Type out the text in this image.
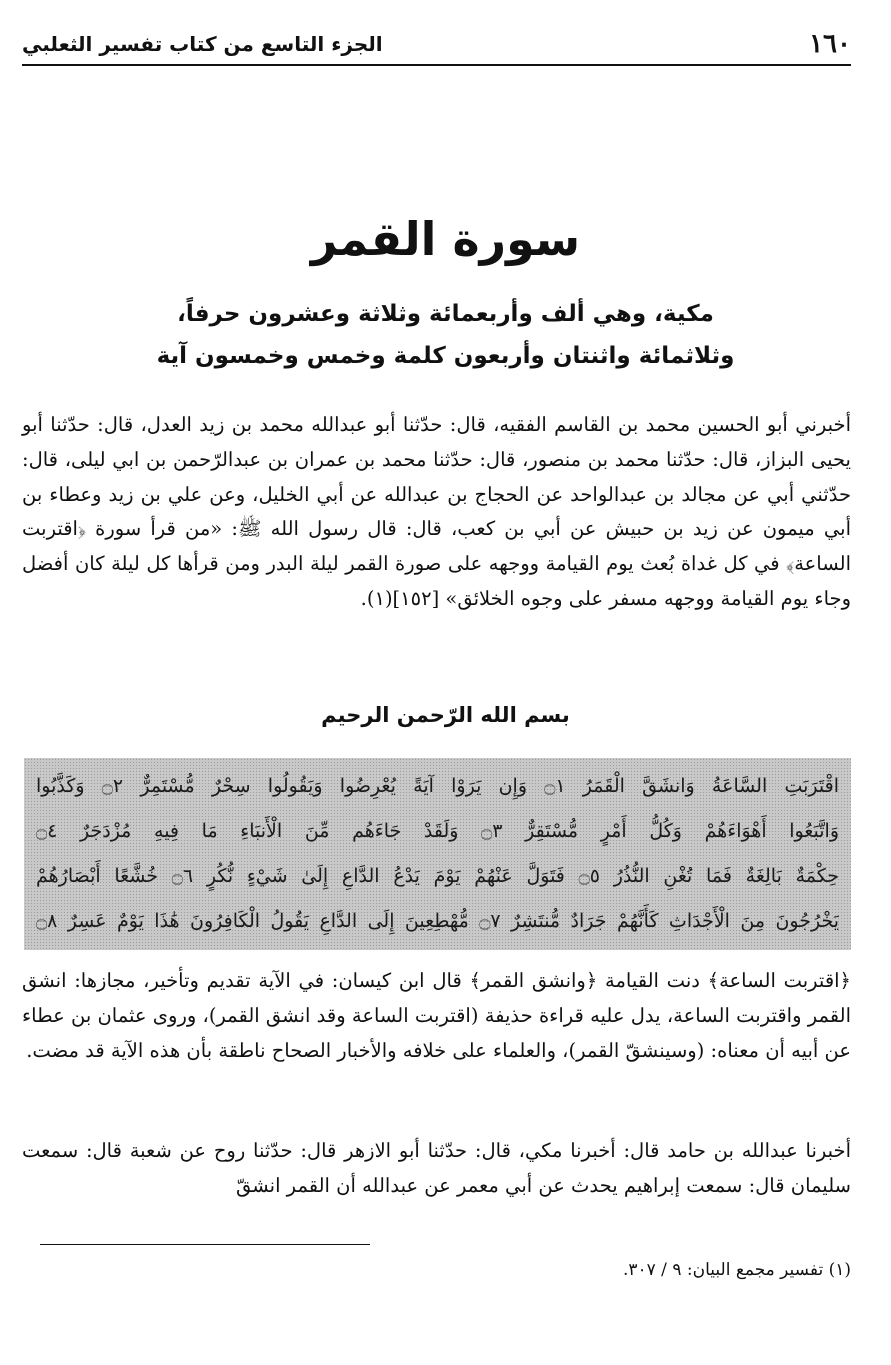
١٦٠
الجزء التاسع من كتاب تفسير الثعلبي
سورة القمر
مكية، وهي ألف وأربعمائة وثلاثة وعشرون حرفاً،
وثلاثمائة واثنتان وأربعون كلمة وخمس وخمسون آية

أخبرني أبو الحسين محمد بن القاسم الفقيه، قال: حدّثنا أبو عبدالله محمد بن زيد العدل، قال: حدّثنا أبو يحيى البزاز، قال: حدّثنا محمد بن منصور، قال: حدّثنا محمد بن عمران بن عبدالرّحمن بن ابي ليلى، قال: حدّثني أبي عن مجالد بن عبدالواحد عن الحجاج بن عبدالله عن أبي الخليل، وعن علي بن زيد وعطاء بن أبي ميمون عن زيد بن حبيش عن أبي بن كعب، قال: قال رسول الله ﷺ: «من قرأ سورة ﴿اقتربت الساعة﴾ في كل غداة بُعث يوم القيامة ووجهه على صورة القمر ليلة البدر ومن قرأها كل ليلة كان أفضل وجاء يوم القيامة ووجهه مسفر على وجوه الخلائق» [١٥٢](١).

بسم الله الرّحمن الرحيم
اقْتَرَبَتِ السَّاعَةُ وَانشَقَّ الْقَمَرُ ۝١ وَإِن يَرَوْا آيَةً يُعْرِضُوا وَيَقُولُوا سِحْرٌ مُّسْتَمِرٌّ ۝٢ وَكَذَّبُوا
وَاتَّبَعُوا أَهْوَاءَهُمْ وَكُلُّ أَمْرٍ مُّسْتَقِرٌّ ۝٣ وَلَقَدْ جَاءَهُم مِّنَ الْأَنبَاءِ مَا فِيهِ مُزْدَجَرٌ ۝٤
حِكْمَةٌ بَالِغَةٌ فَمَا تُغْنِ النُّذُرُ ۝٥ فَتَوَلَّ عَنْهُمْ يَوْمَ يَدْعُ الدَّاعِ إِلَىٰ شَيْءٍ نُّكُرٍ ۝٦ خُشَّعًا أَبْصَارُهُمْ
يَخْرُجُونَ مِنَ الْأَجْدَاثِ كَأَنَّهُمْ جَرَادٌ مُّنتَشِرٌ ۝٧ مُّهْطِعِينَ إِلَى الدَّاعِ يَقُولُ الْكَافِرُونَ هَٰذَا يَوْمٌ عَسِرٌ ۝٨

﴿اقتربت الساعة﴾ دنت القيامة ﴿وانشق القمر﴾ قال ابن كيسان: في الآية تقديم وتأخير، مجازها: انشق القمر واقتربت الساعة، يدل عليه قراءة حذيفة (اقتربت الساعة وقد انشق القمر)، وروى عثمان بن عطاء عن أبيه أن معناه: (وسينشقّ القمر)، والعلماء على خلافه والأخبار الصحاح ناطقة بأن هذه الآية قد مضت.

أخبرنا عبدالله بن حامد قال: أخبرنا مكي، قال: حدّثنا أبو الازهر قال: حدّثنا روح عن شعبة قال: سمعت سليمان قال: سمعت إبراهيم يحدث عن أبي معمر عن عبدالله أن القمر انشقّ

(١) تفسير مجمع البيان: ٩ / ٣٠٧.
